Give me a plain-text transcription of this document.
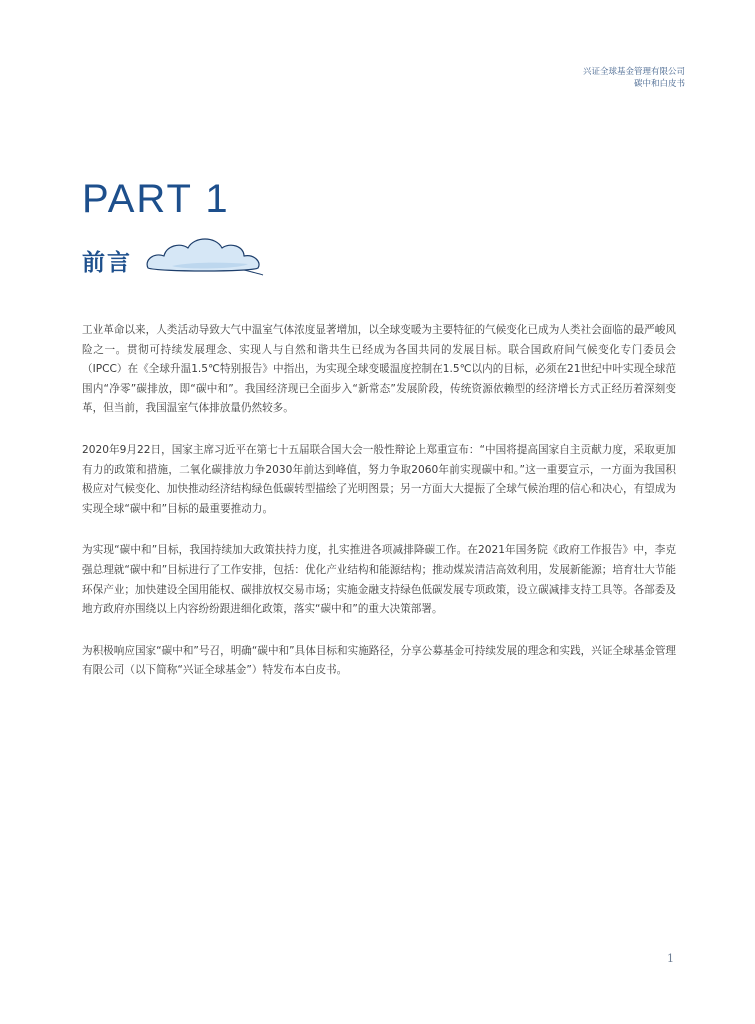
兴证全球基金管理有限公司
碳中和白皮书
PART 1
前言

工业革命以来，人类活动导致大气中温室气体浓度显著增加，以全球变暖为主要特征的气候变化已成为人类社会面临的最严峻风险之一。贯彻可持续发展理念、实现人与自然和谐共生已经成为各国共同的发展目标。联合国政府间气候变化专门委员会（IPCC）在《全球升温1.5℃特别报告》中指出，为实现全球变暖温度控制在1.5℃以内的目标，必须在21世纪中叶实现全球范围内“净零”碳排放，即“碳中和”。我国经济现已全面步入“新常态”发展阶段，传统资源依赖型的经济增长方式正经历着深刻变革，但当前，我国温室气体排放量仍然较多。

2020年9月22日，国家主席习近平在第七十五届联合国大会一般性辩论上郑重宣布：“中国将提高国家自主贡献力度，采取更加有力的政策和措施，二氧化碳排放力争2030年前达到峰值，努力争取2060年前实现碳中和。”这一重要宣示，一方面为我国积极应对气候变化、加快推动经济结构绿色低碳转型描绘了光明图景；另一方面大大提振了全球气候治理的信心和决心，有望成为实现全球“碳中和”目标的最重要推动力。

为实现“碳中和”目标，我国持续加大政策扶持力度，扎实推进各项减排降碳工作。在2021年国务院《政府工作报告》中，李克强总理就“碳中和”目标进行了工作安排，包括：优化产业结构和能源结构；推动煤炭清洁高效利用，发展新能源；培育壮大节能环保产业；加快建设全国用能权、碳排放权交易市场；实施金融支持绿色低碳发展专项政策，设立碳减排支持工具等。各部委及地方政府亦围绕以上内容纷纷跟进细化政策，落实“碳中和”的重大决策部署。

为积极响应国家“碳中和”号召，明确“碳中和”具体目标和实施路径，分享公募基金可持续发展的理念和实践，兴证全球基金管理有限公司（以下简称“兴证全球基金”）特发布本白皮书。

1
